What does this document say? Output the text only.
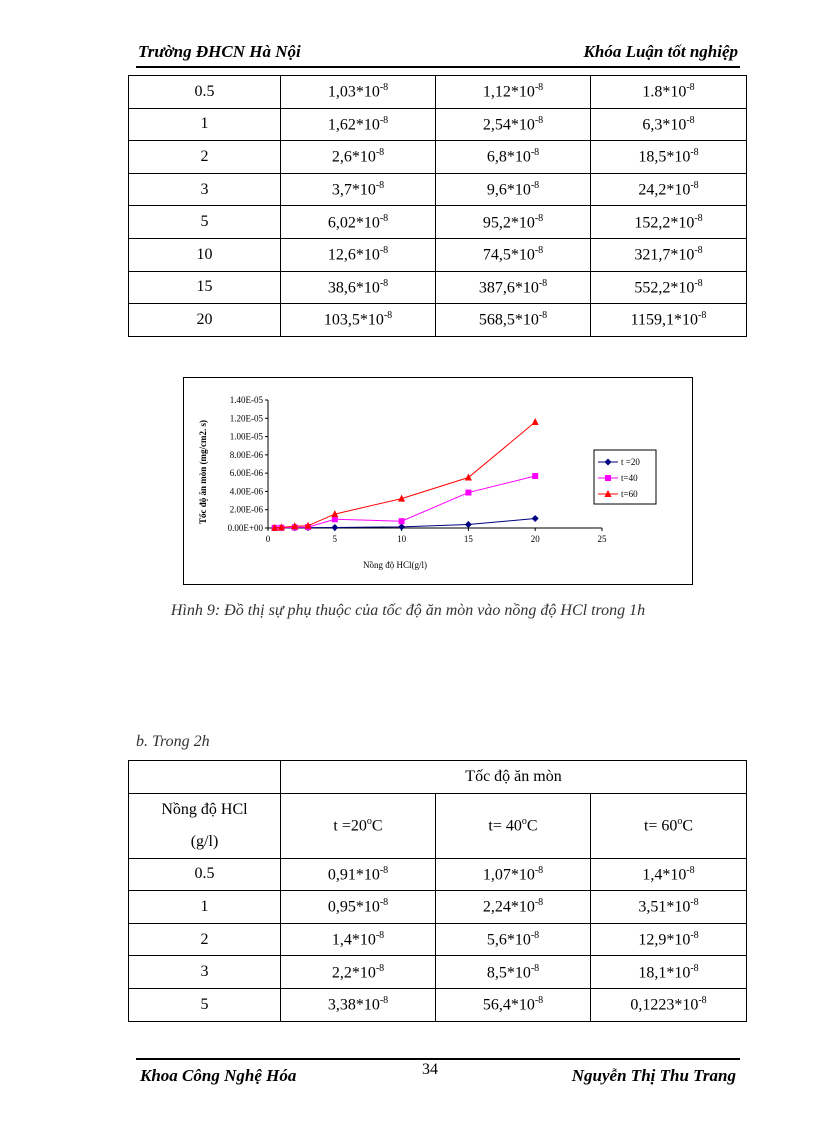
Trường ĐHCN Hà Nội	Khóa Luận tốt nghiệp
0.5	$1,03*10^{-8}$	$1,12*10^{-8}$	$1.8*10^{-8}$
1	$1,62*10^{-8}$	$2,54*10^{-8}$	$6,3*10^{-8}$
2	$2,6*10^{-8}$	$6,8*10^{-8}$	$18,5*10^{-8}$
3	$3,7*10^{-8}$	$9,6*10^{-8}$	$24,2*10^{-8}$
5	$6,02*10^{-8}$	$95,2*10^{-8}$	$152,2*10^{-8}$
10	$12,6*10^{-8}$	$74,5*10^{-8}$	$321,7*10^{-8}$
15	$38,6*10^{-8}$	$387,6*10^{-8}$	$552,2*10^{-8}$
20	$103,5*10^{-8}$	$568,5*10^{-8}$	$1159,1*10^{-8}$
0.00E+00
2.00E-06
4.00E-06
6.00E-06
8.00E-06
1.00E-05
1.20E-05
1.40E-05
0	5	10	15	20	25
Nồng độ HCl(g/l)
Tốc độ ăn mòn (mg/cm2. s)	t =20
t=40
t=60
Hình 9: Đồ thị sự phụ thuộc của tốc độ ăn mòn vào nồng độ HCl trong 1h
b. Trong 2h
	Tốc độ ăn mòn		

Nồng độ HCl
(g/l)	$t =20^oC$	$t= 40^oC$	$t= 60^oC$
0.5	$0,91*10^{-8}$	$1,07*10^{-8}$	$1,4*10^{-8}$
1	$0,95*10^{-8}$	$2,24*10^{-8}$	$3,51*10^{-8}$
2	$1,4*10^{-8}$	$5,6*10^{-8}$	$12,9*10^{-8}$
3	$2,2*10^{-8}$	$8,5*10^{-8}$	$18,1*10^{-8}$
5	$3,38*10^{-8}$	$56,4*10^{-8}$	$0,1223*10^{-8}$
Khoa Công Nghệ Hóa	34	Nguyễn Thị Thu Trang
